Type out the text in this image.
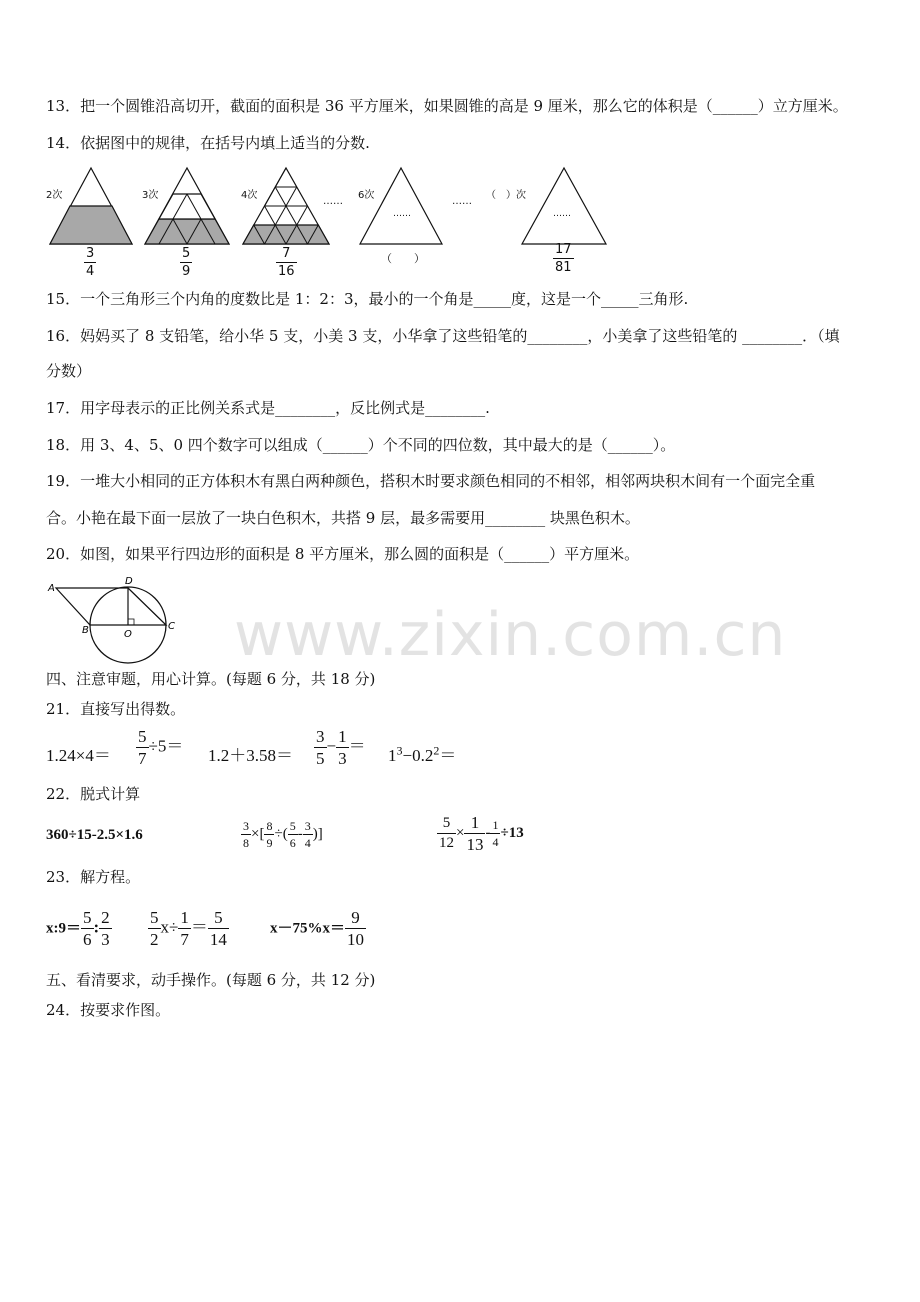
13．把一个圆锥沿高切开，截面的面积是 36 平方厘米，如果圆锥的高是 9 厘米，那么它的体积是（______）立方厘米。
14．依据图中的规律，在括号内填上适当的分数.
……
……
……
……
2次	3次	4次	6次	（　）次
$\frac{3}{4}$	$\frac{5}{9}$	$\frac{7}{16}$	（　　）	$\frac{17}{81}$
15．一个三角形三个内角的度数比是 1：2：3，最小的一个角是_____度，这是一个_____三角形.
16．妈妈买了 8 支铅笔，给小华 5 支，小美 3 支，小华拿了这些铅笔的________，小美拿了这些铅笔的 ________．（填
分数）
17．用字母表示的正比例关系式是________，反比例式是________.
18．用 3、4、5、0 四个数字可以组成（______）个不同的四位数，其中最大的是（______）。
19．一堆大小相同的正方体积木有黑白两种颜色，搭积木时要求颜色相同的不相邻，相邻两块积木间有一个面完全重
合。小艳在最下面一层放了一块白色积木，共搭 9 层，最多需要用________ 块黑色积木。
20．如图，如果平行四边形的面积是 8 平方厘米，那么圆的面积是（______）平方厘米。
A
D
B	O
C www.zixin.com.cn
四、注意审题，用心计算。(每题 6 分，共 18 分)
21．直接写出得数。
$1.24\times 4= \frac{5}{7} \div 5=$
$1.2+3.58= \frac{3}{5} - \frac{1}{3}$ ＝
$1^3-0.2^2=$
22．脱式计算
360÷15-2.5×1.6	$\frac{3}{8}$ ×[ $\frac{8}{9}$ ÷( $\frac{5}{6} - \frac{3}{4}$ )]	$\frac{5}{12} \times \frac{1}{13} - \frac{1}{4} \div 13$
23．解方程。
x:9＝ $\frac{5}{6}$ : $\frac{2}{3} \frac{5}{2} x\div \frac{1}{7} = \frac{5}{14}$	$x-75\%x= \frac{9}{10}$
五、看清要求，动手操作。(每题 6 分，共 12 分)
24．按要求作图。
